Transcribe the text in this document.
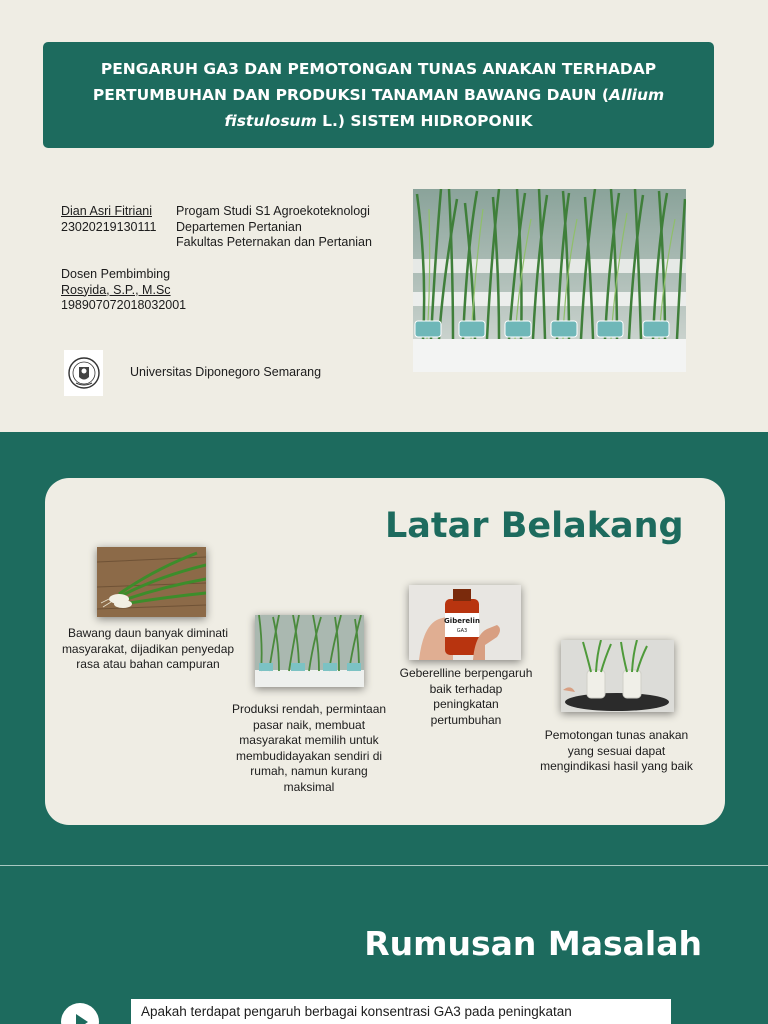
PENGARUH GA3 DAN PEMOTONGAN TUNAS ANAKAN TERHADAP PERTUMBUHAN DAN PRODUKSI TANAMAN BAWANG DAUN (Allium fistulosum L.) SISTEM HIDROPONIK

Dian Asri Fitriani
23020219130111
Progam Studi S1 Agroekoteknologi
Departemen Pertanian
Fakultas Peternakan dan Pertanian
Dosen Pembimbing
Rosyida, S.P., M.Sc
198907072018032001
Universitas Diponegoro Semarang
Latar Belakang
Bawang daun banyak diminati masyarakat, dijadikan penyedap rasa atau bahan campuran
Produksi rendah, permintaan pasar naik, membuat masyarakat memilih untuk membudidayakan sendiri di rumah, namun kurang maksimal
Giberelin
GA3
Geberelline berpengaruh baik terhadap peningkatan pertumbuhan
Pemotongan tunas anakan yang sesuai dapat mengindikasi hasil yang baik
Rumusan Masalah
Apakah terdapat pengaruh berbagai konsentrasi GA3 pada peningkatan
